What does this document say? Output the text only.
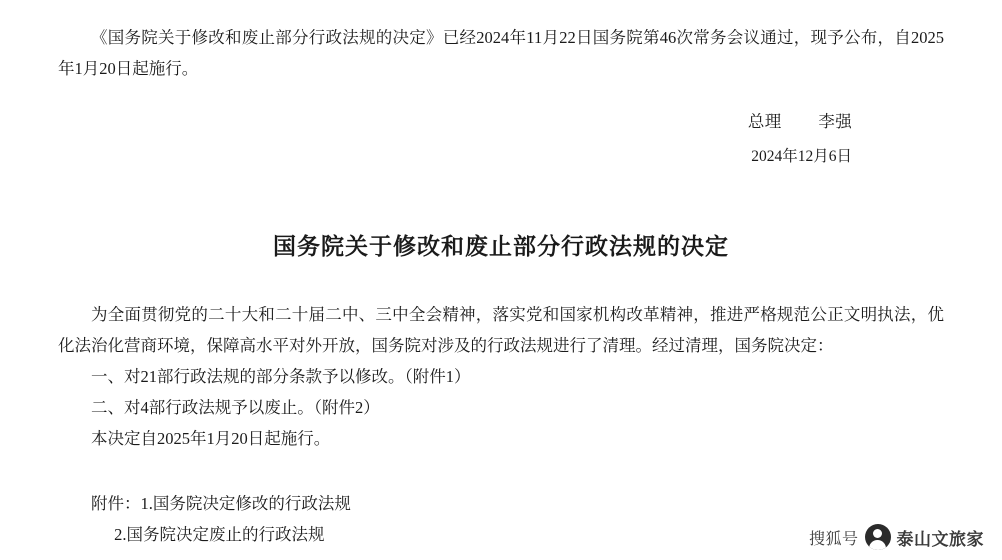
《国务院关于修改和废止部分行政法规的决定》已经2024年11月22日国务院第46次常务会议通过，现予公布，自2025年1月20日起施行。

总理 李强
2024年12月6日
国务院关于修改和废止部分行政法规的决定

为全面贯彻党的二十大和二十届二中、三中全会精神，落实党和国家机构改革精神，推进严格规范公正文明执法，优化法治化营商环境，保障高水平对外开放，国务院对涉及的行政法规进行了清理。经过清理，国务院决定：

一、对21部行政法规的部分条款予以修改。（附件1）
二、对4部行政法规予以废止。（附件2）
本决定自2025年1月20日起施行。
附件：1.国务院决定修改的行政法规
2.国务院决定废止的行政法规	搜狐号 泰山文旅家
